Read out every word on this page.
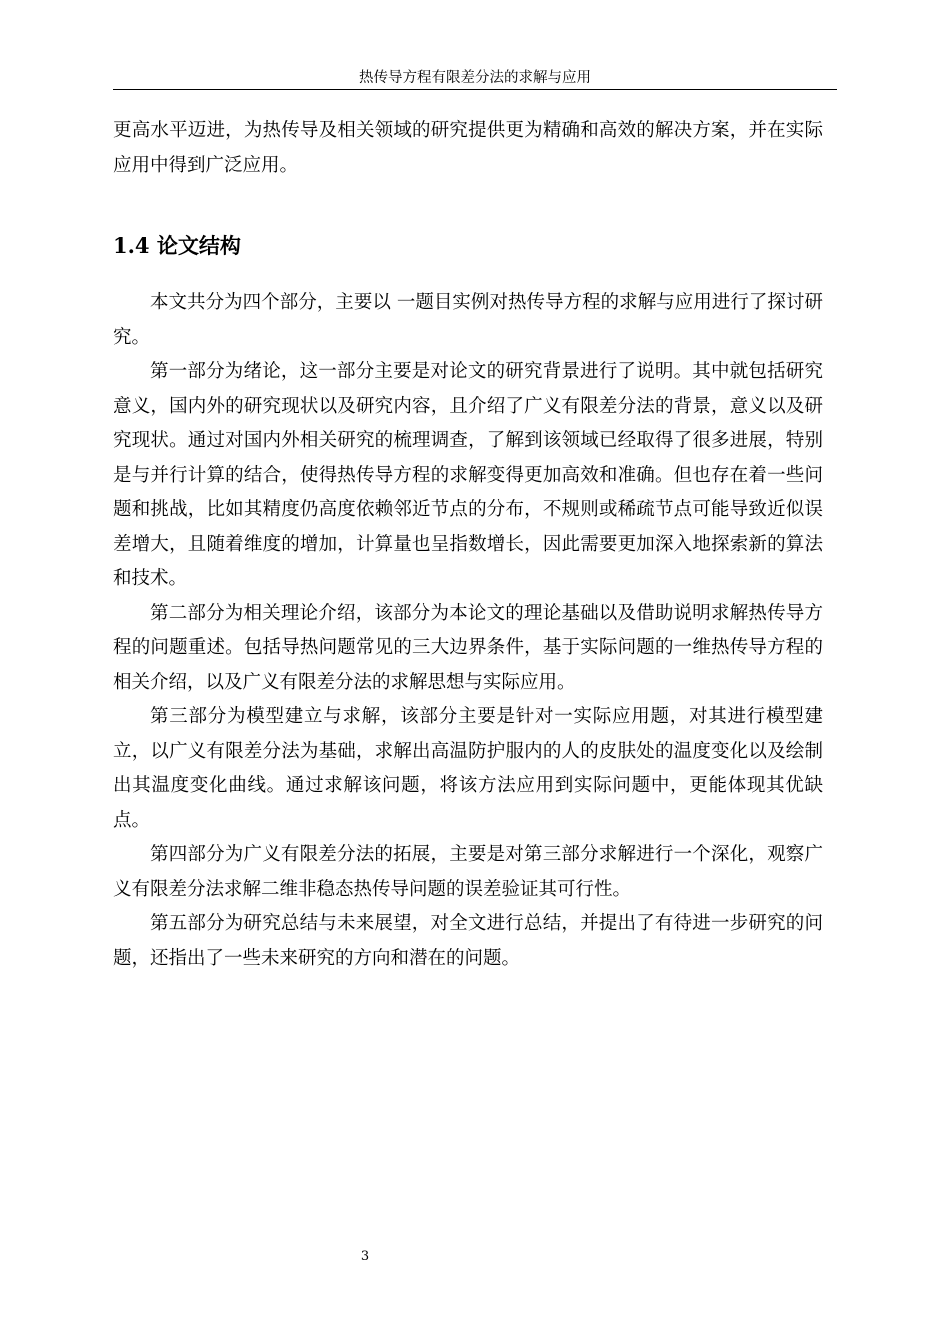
热传导方程有限差分法的求解与应用

更高水平迈进，为热传导及相关领域的研究提供更为精确和高效的解决方案，并在实际应用中得到广泛应用。

1.4 论文结构

本文共分为四个部分，主要以 一题目实例对热传导方程的求解与应用进行了探讨研究。

第一部分为绪论，这一部分主要是对论文的研究背景进行了说明。其中就包括研究意义，国内外的研究现状以及研究内容，且介绍了广义有限差分法的背景，意义以及研究现状。通过对国内外相关研究的梳理调查，了解到该领域已经取得了很多进展，特别是与并行计算的结合，使得热传导方程的求解变得更加高效和准确。但也存在着一些问题和挑战，比如其精度仍高度依赖邻近节点的分布，不规则或稀疏节点可能导致近似误差增大，且随着维度的增加，计算量也呈指数增长，因此需要更加深入地探索新的算法和技术。

第二部分为相关理论介绍，该部分为本论文的理论基础以及借助说明求解热传导方程的问题重述。包括导热问题常见的三大边界条件，基于实际问题的一维热传导方程的相关介绍，以及广义有限差分法的求解思想与实际应用。

第三部分为模型建立与求解，该部分主要是针对一实际应用题，对其进行模型建立，以广义有限差分法为基础，求解出高温防护服内的人的皮肤处的温度变化以及绘制出其温度变化曲线。通过求解该问题，将该方法应用到实际问题中，更能体现其优缺点。

第四部分为广义有限差分法的拓展，主要是对第三部分求解进行一个深化，观察广义有限差分法求解二维非稳态热传导问题的误差验证其可行性。

第五部分为研究总结与未来展望，对全文进行总结，并提出了有待进一步研究的问题，还指出了一些未来研究的方向和潜在的问题。

3
